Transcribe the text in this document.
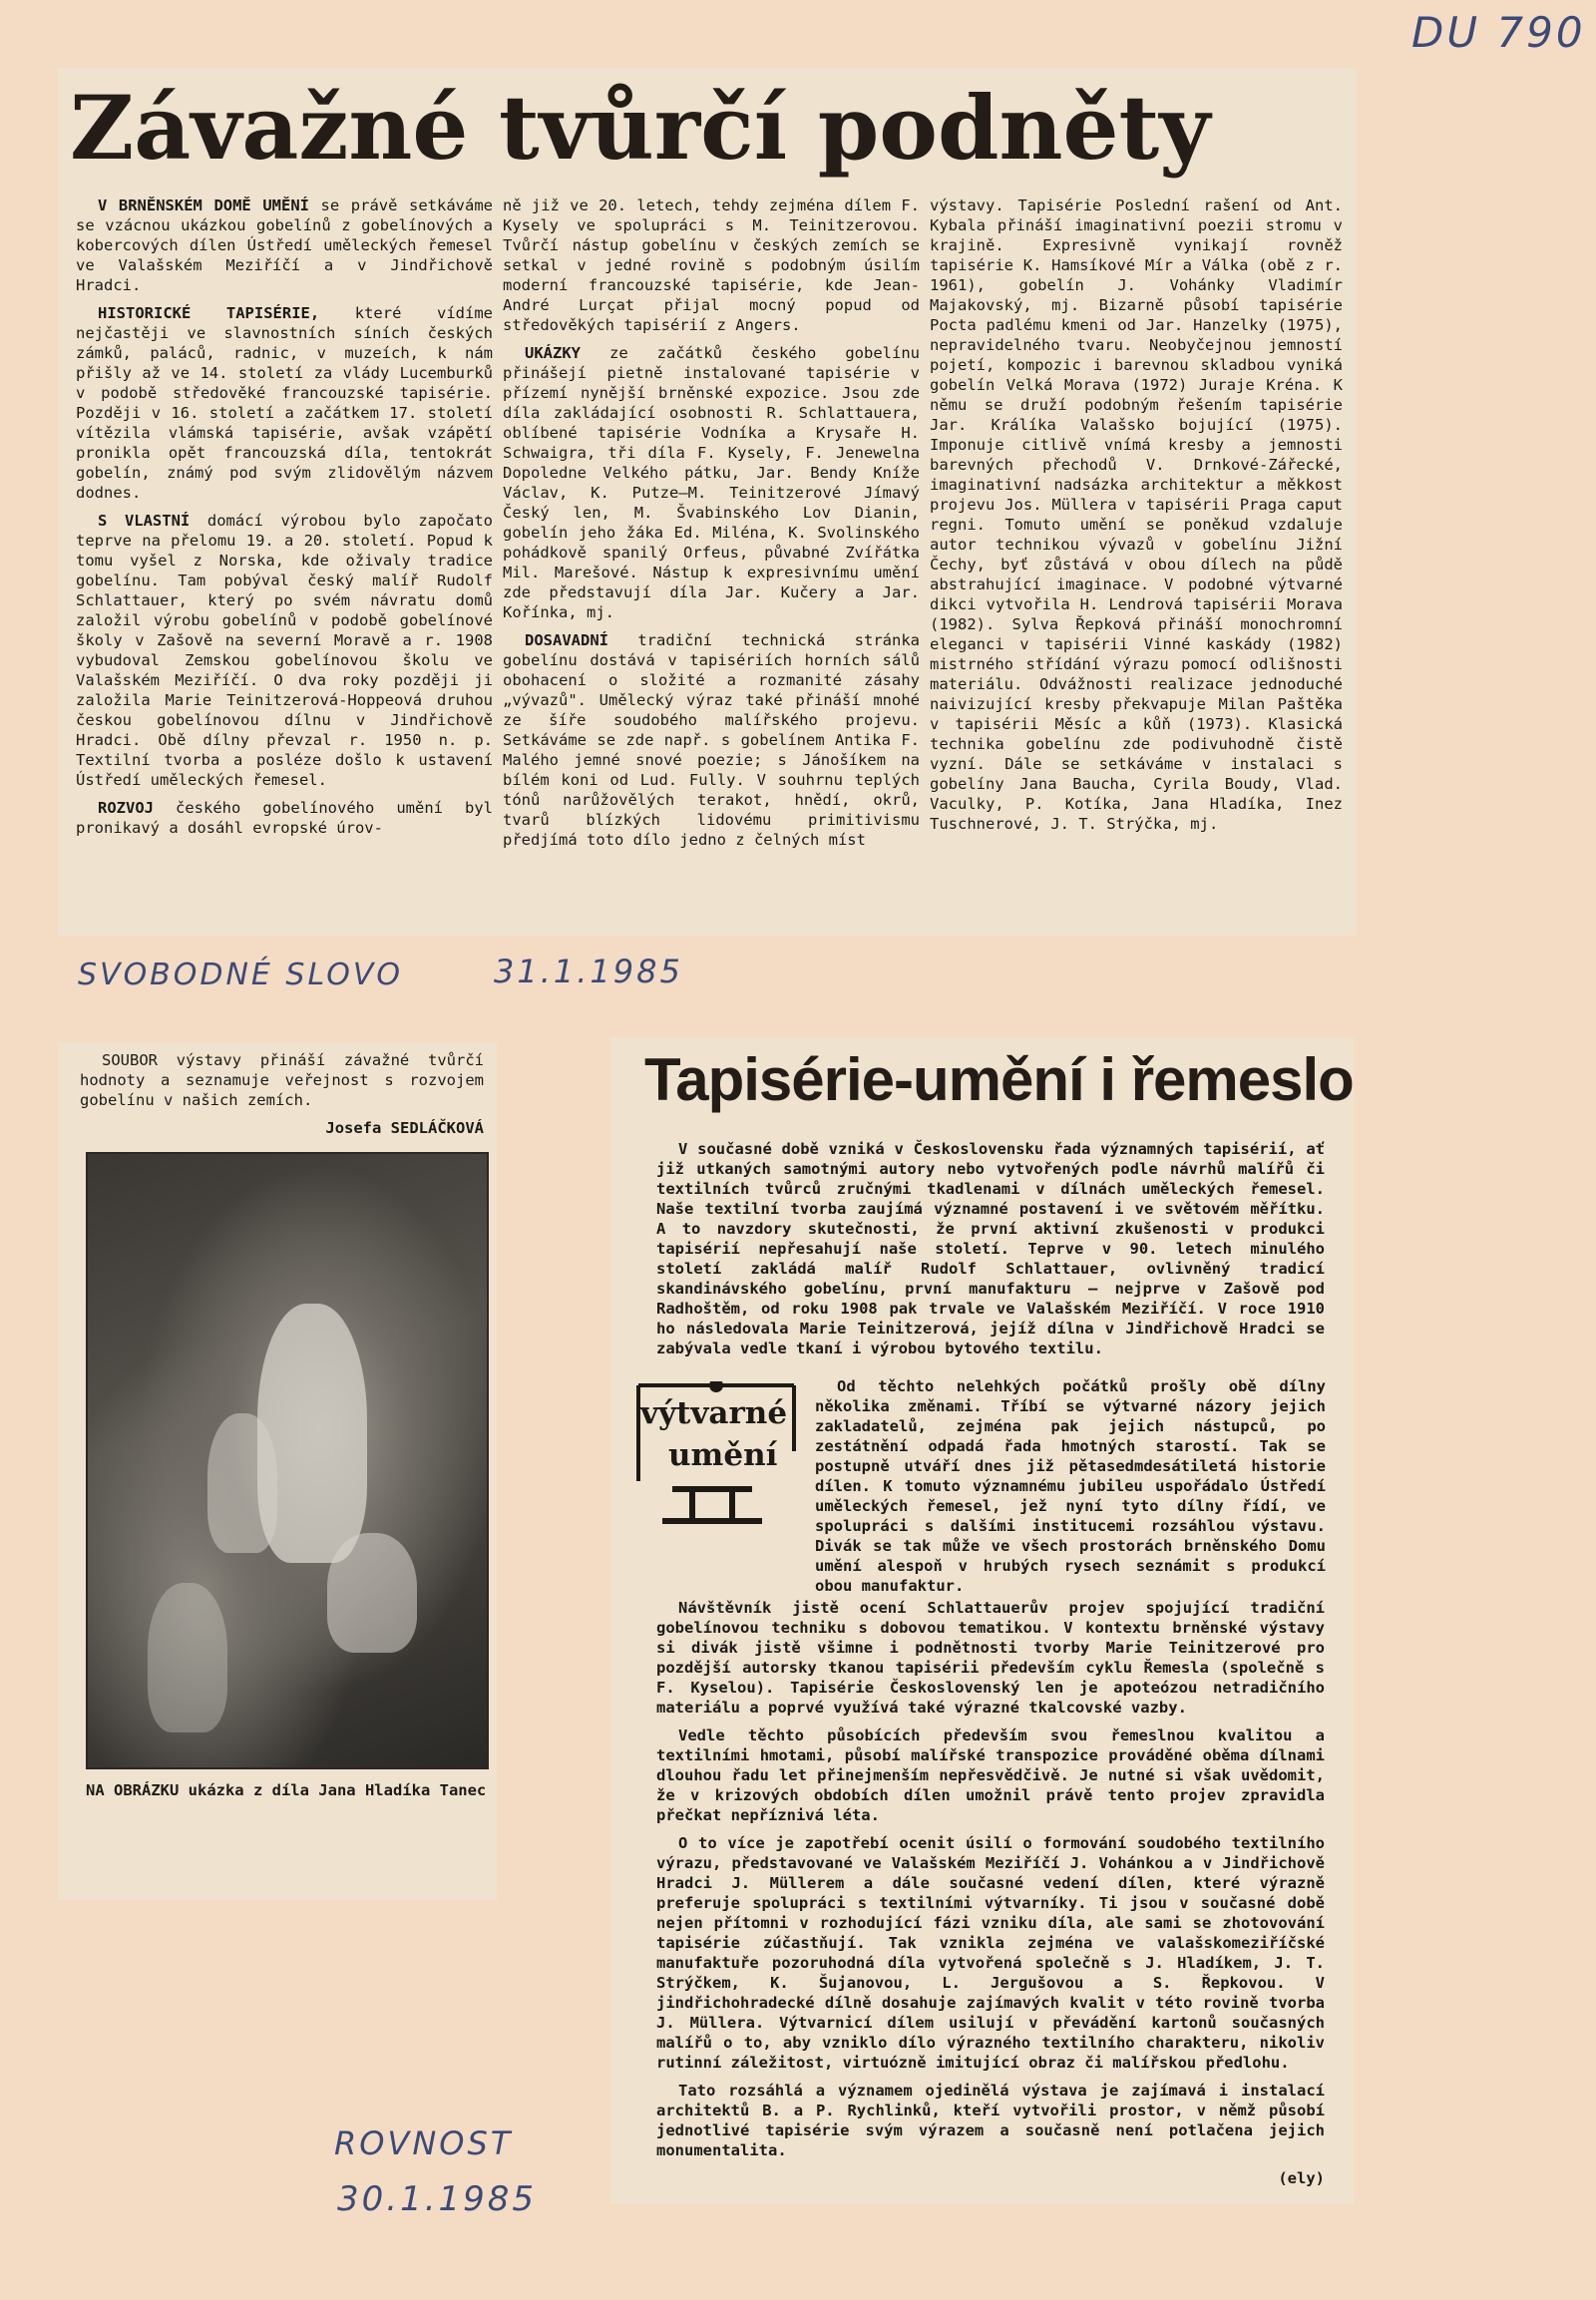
DU 790
SVOBODNÉ SLOVO	31.1.1985
ROVNOST
30.1.1985
Závažné tvůrčí podněty

V BRNĚNSKÉM DOMĚ UMĚNÍ se právě setkáváme se vzácnou ukázkou gobelínů z gobelínových a kobercových dílen Ústředí uměleckých řemesel ve Valašském Meziříčí a v Jindřichově Hradci.

HISTORICKÉ TAPISÉRIE, které vídíme nejčastěji ve slavnostních síních českých zámků, paláců, radnic, v muzeích, k nám přišly až ve 14. století za vlády Lucemburků v podobě středověké francouzské tapisérie. Později v 16. století a začátkem 17. století vítězila vlámská tapisérie, avšak vzápětí pronikla opět francouzská díla, tentokrát gobelín, známý pod svým zlidovělým názvem dodnes.

S VLASTNÍ domácí výrobou bylo započato teprve na přelomu 19. a 20. století. Popud k tomu vyšel z Norska, kde oživaly tradice gobelínu. Tam pobýval český malíř Rudolf Schlattauer, který po svém návratu domů založil výrobu gobelínů v podobě gobelínové školy v Zašově na severní Moravě a r. 1908 vybudoval Zemskou gobelínovou školu ve Valašském Meziříčí. O dva roky později ji založila Marie Teinitzerová-Hoppeová druhou českou gobelínovou dílnu v Jindřichově Hradci. Obě dílny převzal r. 1950 n. p. Textilní tvorba a posléze došlo k ustavení Ústředí uměleckých řemesel.

ROZVOJ českého gobelínového umění byl pronikavý a dosáhl evropské úrov-

ně již ve 20. letech, tehdy zejména dílem F. Kysely ve spolupráci s M. Teinitzerovou. Tvůrčí nástup gobelínu v českých zemích se setkal v jedné rovině s podobným úsilím moderní francouzské tapisérie, kde Jean-André Lurçat přijal mocný popud od středověkých tapisérií z Angers.

UKÁZKY ze začátků českého gobelínu přinášejí pietně instalované tapisérie v přízemí nynější brněnské expozice. Jsou zde díla zakládající osobnosti R. Schlattauera, oblíbené tapisérie Vodníka a Krysaře H. Schwaigra, tři díla F. Kysely, F. Jenewelna Dopoledne Velkého pátku, Jar. Bendy Kníže Václav, K. Putze—M. Teinitzerové Jímavý Český len, M. Švabinského Lov Dianin, gobelín jeho žáka Ed. Miléna, K. Svolinského pohádkově spanilý Orfeus, půvabné Zvířátka Mil. Marešové. Nástup k expresivnímu umění zde představují díla Jar. Kučery a Jar. Kořínka, mj.

DOSAVADNÍ tradiční technická stránka gobelínu dostává v tapisériích horních sálů obohacení o složité a rozmanité zásahy „vývazů". Umělecký výraz také přináší mnohé ze šíře soudobého malířského projevu. Setkáváme se zde např. s gobelínem Antika F. Malého jemné snové poezie; s Jánošíkem na bílém koni od Lud. Fully. V souhrnu teplých tónů narůžovělých terakot, hnědí, okrů, tvarů blízkých lidovému primitivismu předjímá toto dílo jedno z čelných míst

výstavy. Tapisérie Poslední rašení od Ant. Kybala přináší imaginativní poezii stromu v krajině. Expresivně vynikají rovněž tapisérie K. Hamsíkové Mír a Válka (obě z r. 1961), gobelín J. Vohánky Vladimír Majakovský, mj. Bizarně působí tapisérie Pocta padlému kmeni od Jar. Hanzelky (1975), nepravidelného tvaru. Neobyčejnou jemností pojetí, kompozic i barevnou skladbou vyniká gobelín Velká Morava (1972) Juraje Kréna. K němu se druží podobným řešením tapisérie Jar. Králíka Valašsko bojující (1975). Imponuje citlivě vnímá kresby a jemnosti barevných přechodů V. Drnkové-Zářecké, imaginativní nadsázka architektur a měkkost projevu Jos. Müllera v tapisérii Praga caput regni. Tomuto umění se poněkud vzdaluje autor technikou vývazů v gobelínu Jižní Čechy, byť zůstává v obou dílech na půdě abstrahující imaginace. V podobné výtvarné dikci vytvořila H. Lendrová tapisérii Morava (1982). Sylva Řepková přináší monochromní eleganci v tapisérii Vinné kaskády (1982) mistrného střídání výrazu pomocí odlišnosti materiálu. Odvážnosti realizace jednoduché naivizující kresby překvapuje Milan Paštěka v tapisérii Měsíc a kůň (1973). Klasická technika gobelínu zde podivuhodně čistě vyzní. Dále se setkáváme v instalaci s gobelíny Jana Baucha, Cyrila Boudy, Vlad. Vaculky, P. Kotíka, Jana Hladíka, Inez Tuschnerové, J. T. Strýčka, mj.

SOUBOR výstavy přináší závažné tvůrčí hodnoty a seznamuje veřejnost s rozvojem gobelínu v našich zemích.

Josefa SEDLÁČKOVÁ

NA OBRÁZKU ukázka z díla Jana Hladíka Tanec

Tapisérie-umění i řemeslo

V současné době vzniká v Československu řada významných tapisérií, ať již utkaných samotnými autory nebo vytvořených podle návrhů malířů či textilních tvůrců zručnými tkadlenami v dílnách uměleckých řemesel. Naše textilní tvorba zaujímá významné postavení i ve světovém měřítku. A to navzdory skutečnosti, že první aktivní zkušenosti v produkci tapisérií nepřesahují naše století. Teprve v 90. letech minulého století zakládá malíř Rudolf Schlattauer, ovlivněný tradicí skandinávského gobelínu, první manufakturu — nejprve v Zašově pod Radhoštěm, od roku 1908 pak trvale ve Valašském Meziříčí. V roce 1910 ho následovala Marie Teinitzerová, jejíž dílna v Jindřichově Hradci se zabývala vedle tkaní i výrobou bytového textilu.

výtvarné
umění

Od těchto nelehkých počátků prošly obě dílny několika změnami. Tříbí se výtvarné názory jejich zakladatelů, zejména pak jejich nástupců, po zestátnění odpadá řada hmotných starostí. Tak se postupně utváří dnes již pětasedmdesátiletá historie dílen. K tomuto významnému jubileu uspořádalo Ústředí uměleckých řemesel, jež nyní tyto dílny řídí, ve spolupráci s dalšími institucemi rozsáhlou výstavu. Divák se tak může ve všech prostorách brněnského Domu umění alespoň v hrubých rysech seznámit s produkcí obou manufaktur.

Návštěvník jistě ocení Schlattauerův projev spojující tradiční gobelínovou techniku s dobovou tematikou. V kontextu brněnské výstavy si divák jistě všimne i podnětnosti tvorby Marie Teinitzerové pro pozdější autorsky tkanou tapisérii především cyklu Řemesla (společně s F. Kyselou). Tapisérie Československý len je apoteózou netradičního materiálu a poprvé využívá také výrazné tkalcovské vazby.

Vedle těchto působících především svou řemeslnou kvalitou a textilními hmotami, působí malířské transpozice prováděné oběma dílnami dlouhou řadu let přinejmenším nepřesvědčivě. Je nutné si však uvědomit, že v krizových obdobích dílen umožnil právě tento projev zpravidla přečkat nepříznivá léta.

O to více je zapotřebí ocenit úsilí o formování soudobého textilního výrazu, představované ve Valašském Meziříčí J. Vohánkou a v Jindřichově Hradci J. Müllerem a dále současné vedení dílen, které výrazně preferuje spolupráci s textilními výtvarníky. Ti jsou v současné době nejen přítomni v rozhodující fázi vzniku díla, ale sami se zhotovování tapisérie zúčastňují. Tak vznikla zejména ve valašskomeziříčské manufaktuře pozoruhodná díla vytvořená společně s J. Hladíkem, J. T. Strýčkem, K. Šujanovou, L. Jergušovou a S. Řepkovou. V jindřichohradecké dílně dosahuje zajímavých kvalit v této rovině tvorba J. Müllera. Výtvarnicí dílem usilují v převádění kartonů současných malířů o to, aby vzniklo dílo výrazného textilního charakteru, nikoliv rutinní záležitost, virtuózně imitující obraz či malířskou předlohu.

Tato rozsáhlá a významem ojedinělá výstava je zajímavá i instalací architektů B. a P. Rychlinků, kteří vytvořili prostor, v němž působí jednotlivé tapisérie svým výrazem a současně není potlačena jejich monumentalita.

(ely)
